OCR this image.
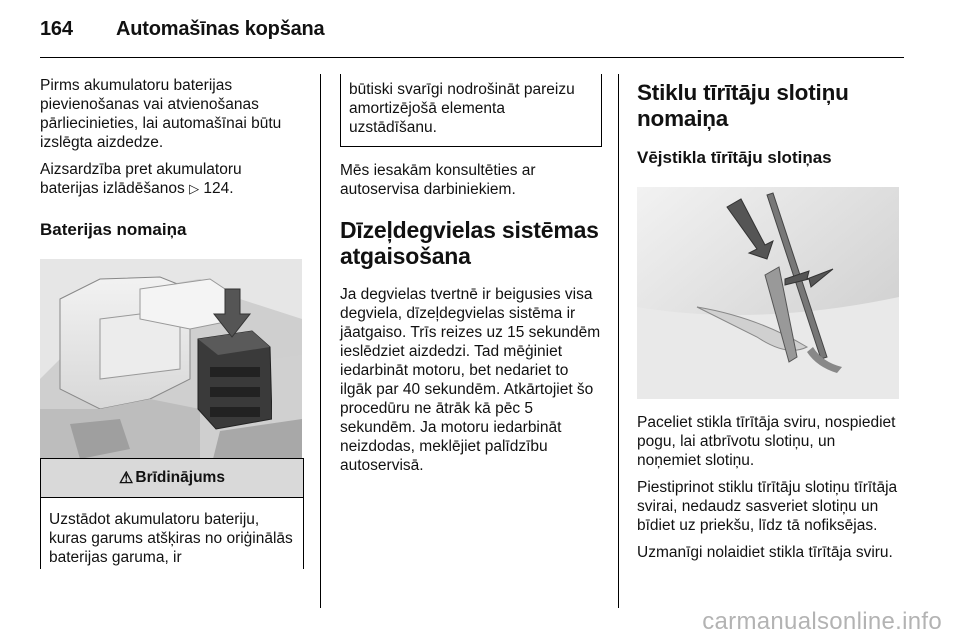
164 Automašīnas kopšana

Pirms akumulatoru baterijas pievienošanas vai atvienošanas pārliecinieties, lai automašīnai būtu izslēgta aizdedze.

Aizsardzība pret akumulatoru baterijas izlādēšanos ▷ 124.

Baterijas nomaiņa
⚠ Brīdinājums
Uzstādot akumulatoru bateriju, kuras garums atšķiras no oriģinālās baterijas garuma, ir
būtiski svarīgi nodrošināt pareizu amortizējošā elementa uzstādīšanu.

Mēs iesakām konsultēties ar autoservisa darbiniekiem.

Dīzeļdegvielas sistēmas atgaisošana

Ja degvielas tvertnē ir beigusies visa degviela, dīzeļdegvielas sistēma ir jāatgaiso. Trīs reizes uz 15 sekundēm ieslēdziet aizdedzi. Tad mēģiniet iedarbināt motoru, bet nedariet to ilgāk par 40 sekundēm. Atkārtojiet šo procedūru ne ātrāk kā pēc 5 sekundēm. Ja motoru iedarbināt neizdodas, meklējiet palīdzību autoservisā.

Stiklu tīrītāju slotiņu nomaiņa
Vējstikla tīrītāju slotiņas

Paceliet stikla tīrītāja sviru, nospiediet pogu, lai atbrīvotu slotiņu, un noņemiet slotiņu.

Piestiprinot stiklu tīrītāju slotiņu tīrītāja svirai, nedaudz sasveriet slotiņu un bīdiet uz priekšu, līdz tā nofiksējas.

Uzmanīgi nolaidiet stikla tīrītāja sviru.

carmanualsonline.info
